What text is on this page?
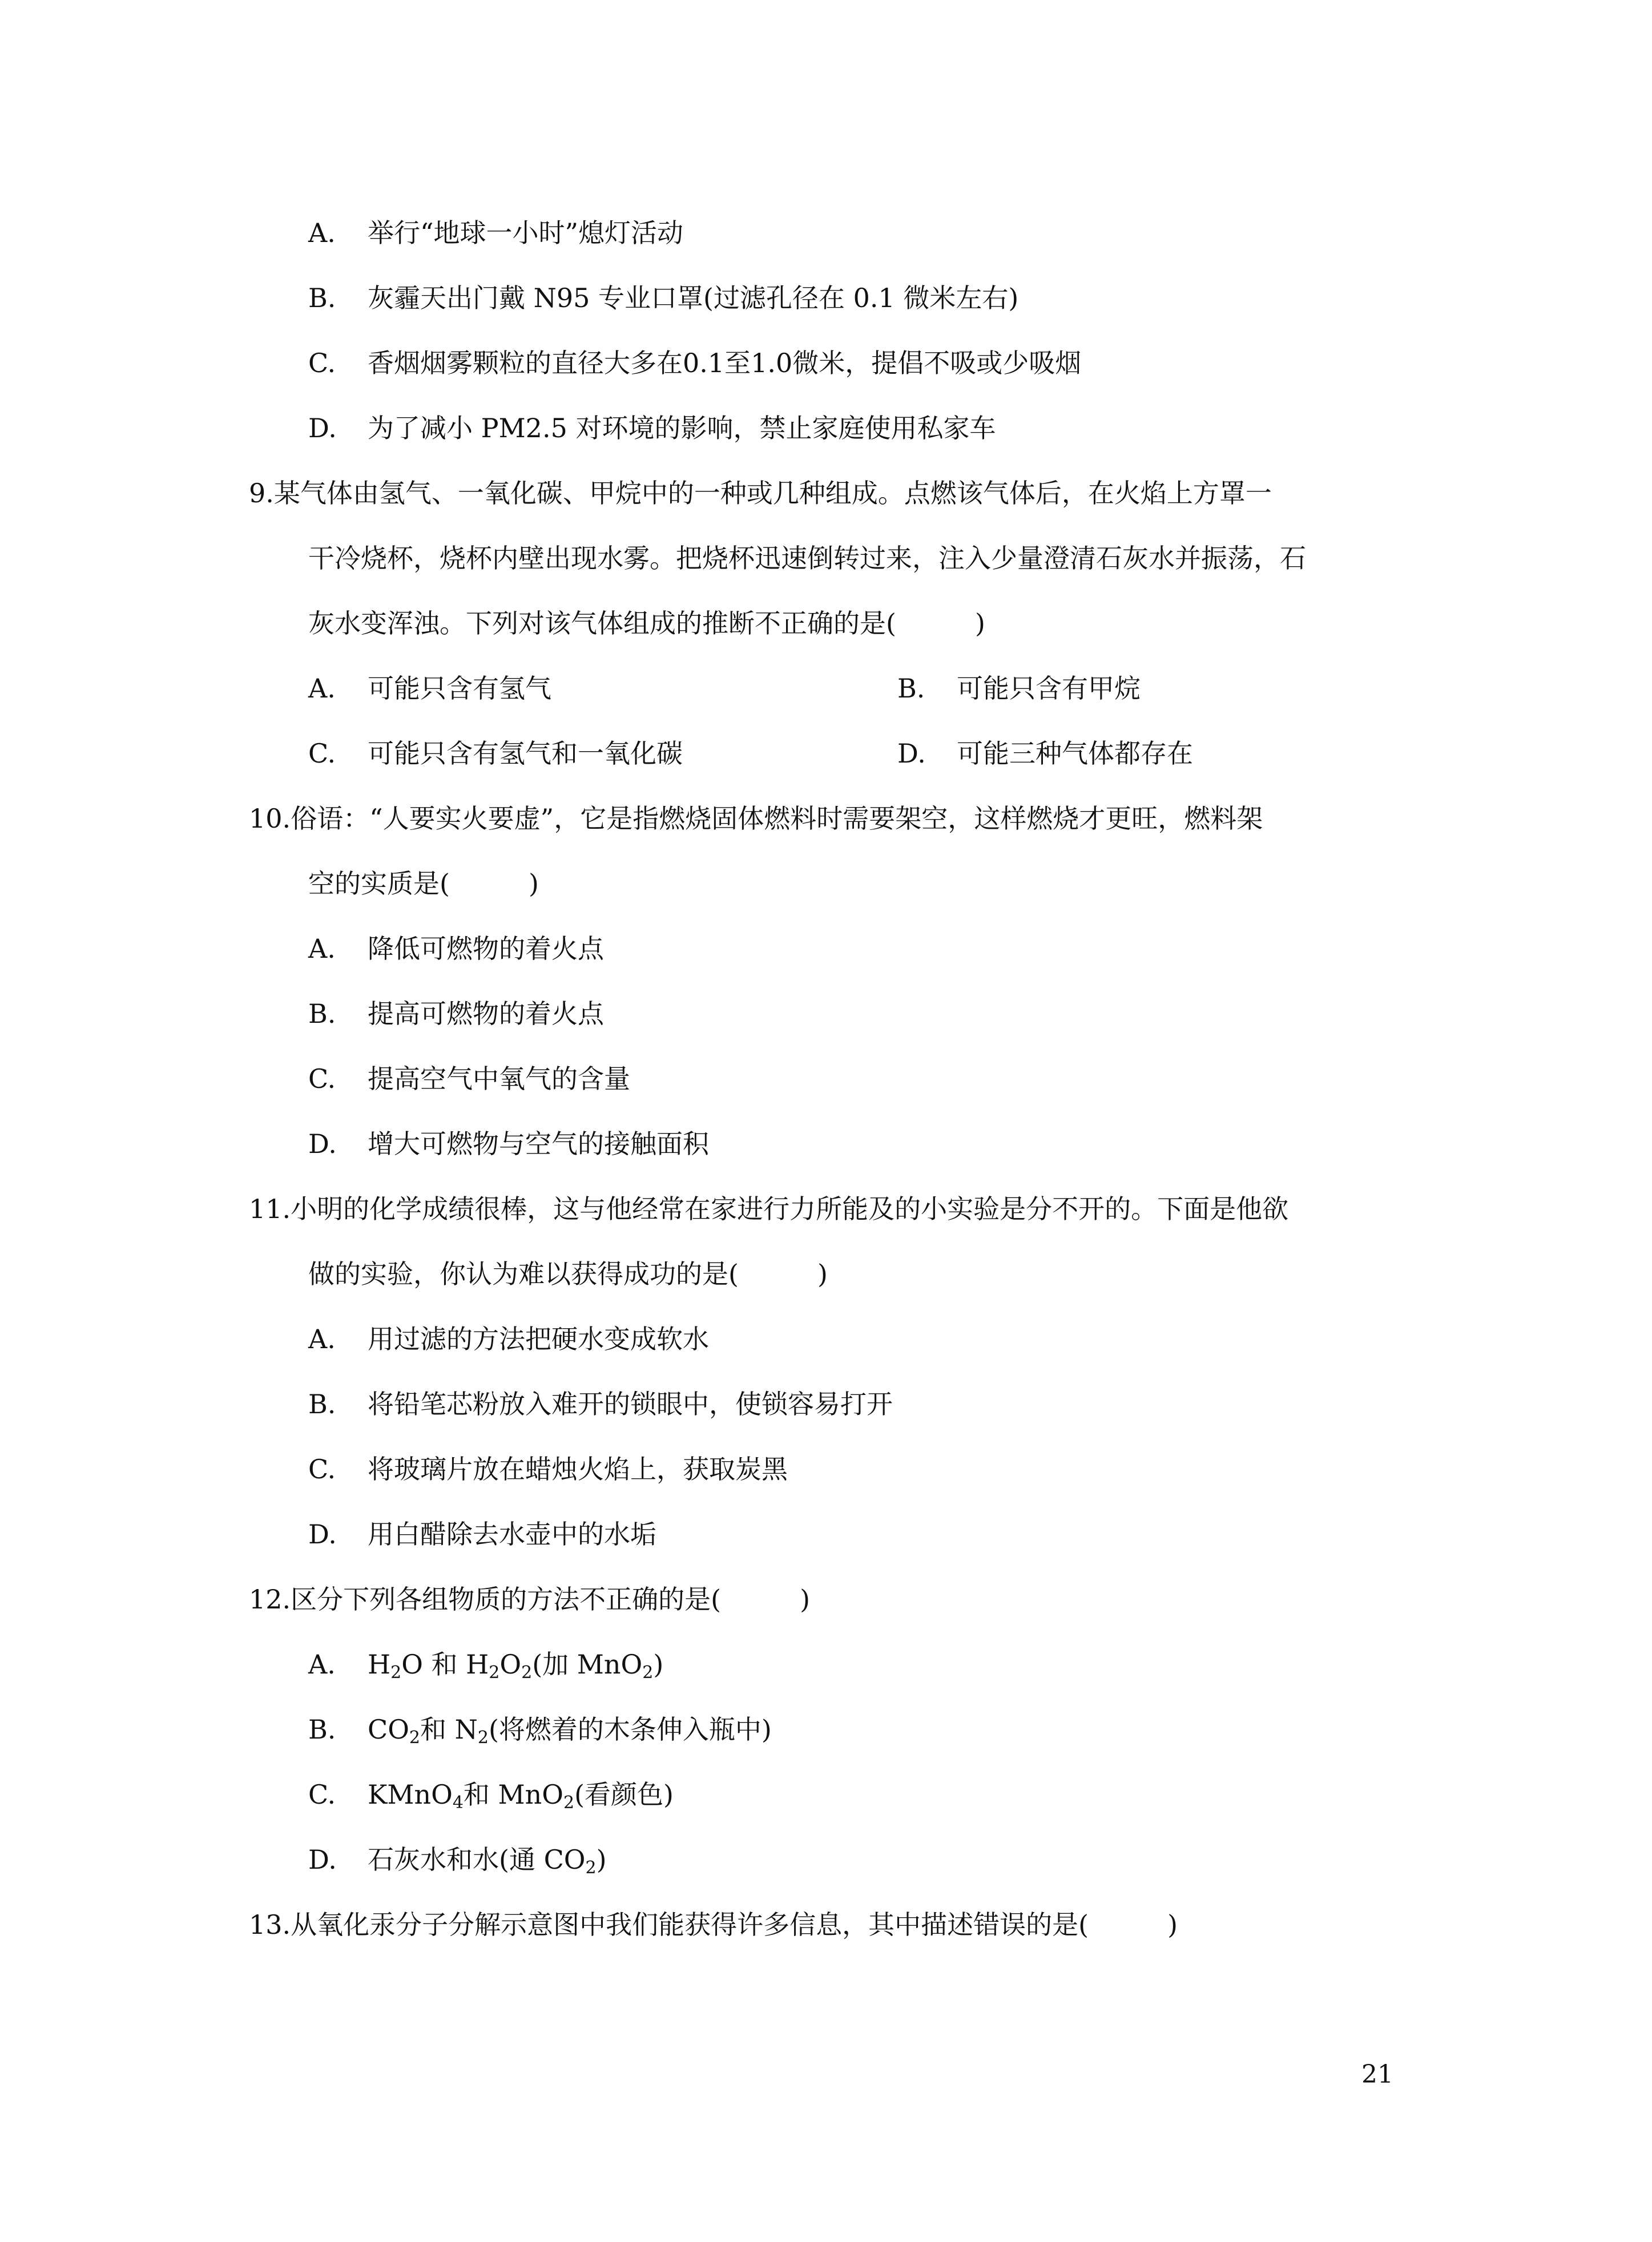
A. 举行“地球一小时”熄灯活动
B. 灰霾天出门戴 N95 专业口罩(过滤孔径在 0.1 微米左右)
C. 香烟烟雾颗粒的直径大多在0.1至1.0微米，提倡不吸或少吸烟
D. 为了减小 PM2.5 对环境的影响，禁止家庭使用私家车
9.某气体由氢气、一氧化碳、甲烷中的一种或几种组成。点燃该气体后，在火焰上方罩一
干冷烧杯，烧杯内壁出现水雾。把烧杯迅速倒转过来，注入少量澄清石灰水并振荡，石
灰水变浑浊。下列对该气体组成的推断不正确的是(　　　)
A. 可能只含有氢气	B. 可能只含有甲烷
C. 可能只含有氢气和一氧化碳	D. 可能三种气体都存在
10.俗语：“人要实火要虚”，它是指燃烧固体燃料时需要架空，这样燃烧才更旺，燃料架
空的实质是(　　　)
A. 降低可燃物的着火点
B. 提高可燃物的着火点
C. 提高空气中氧气的含量
D. 增大可燃物与空气的接触面积
11.小明的化学成绩很棒，这与他经常在家进行力所能及的小实验是分不开的。下面是他欲
做的实验，你认为难以获得成功的是(　　　)
A. 用过滤的方法把硬水变成软水
B. 将铅笔芯粉放入难开的锁眼中，使锁容易打开
C. 将玻璃片放在蜡烛火焰上，获取炭黑
D. 用白醋除去水壶中的水垢
12.区分下列各组物质的方法不正确的是(　　　)
A. $H_2O$ 和 $H_2O_2$(加 MnO$_2$)
B. $CO_2$和 $N_2$(将燃着的木条伸入瓶中)
C. KMnO$_4$和 MnO$_2$(看颜色)
D. 石灰水和水(通 $CO_2$)
13.从氧化汞分子分解示意图中我们能获得许多信息，其中描述错误的是(　　　)
21
